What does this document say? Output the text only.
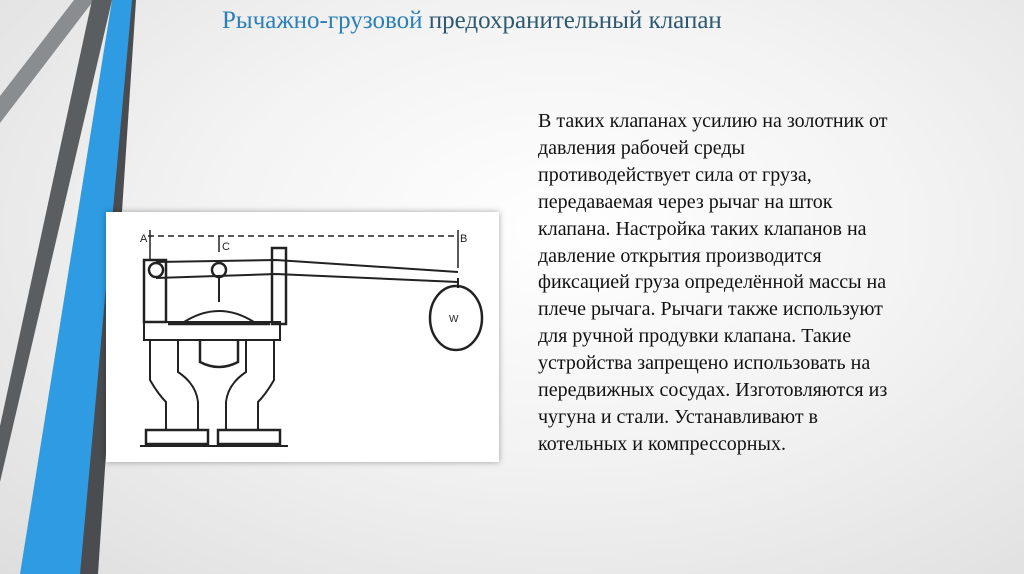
Рычажно-грузовой предохранительный клапан
A
C
B
W
В таких клапанах усилию на золотник от
давления рабочей среды
противодействует сила от груза,
передаваемая через рычаг на шток
клапана. Настройка таких клапанов на
давление открытия производится
фиксацией груза определённой массы на
плече рычага. Рычаги также используют
для ручной продувки клапана. Такие
устройства запрещено использовать на
передвижных сосудах. Изготовляются из
чугуна и стали. Устанавливают в
котельных и компрессорных.
